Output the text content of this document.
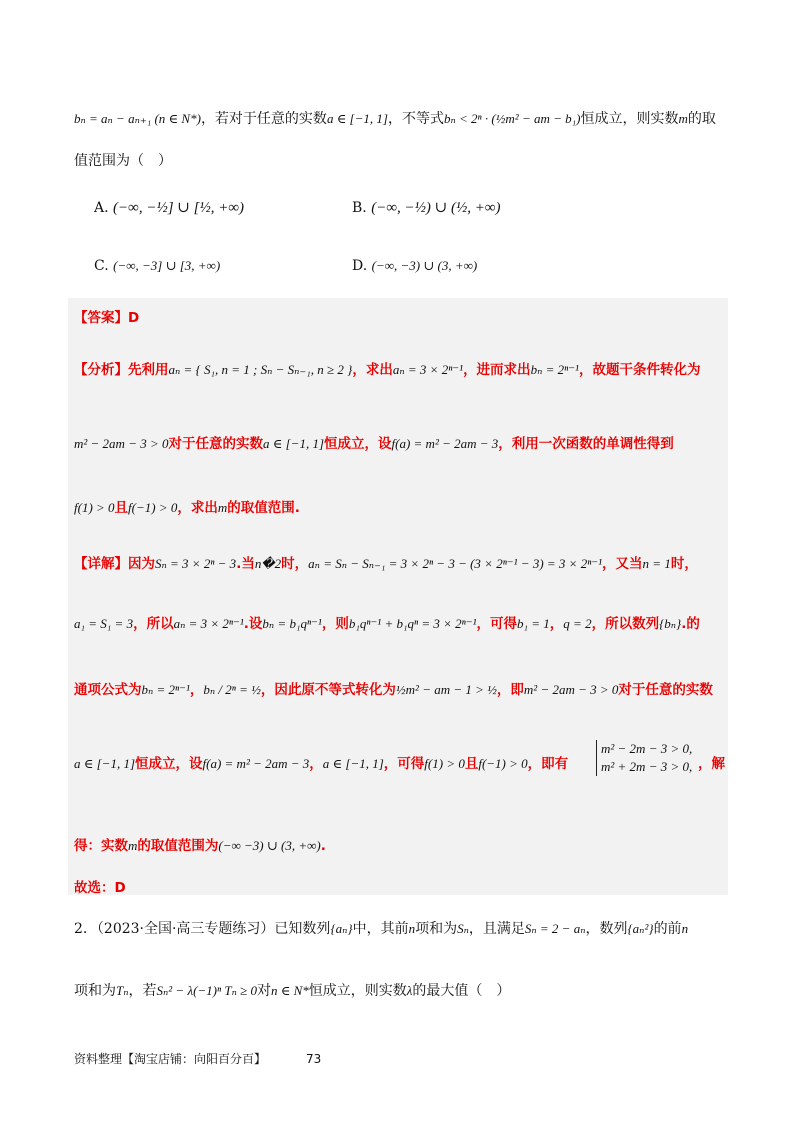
bₙ = aₙ − aₙ₊₁ (n ∈ N*)，若对于任意的实数a ∈ [−1, 1]，不等式bₙ < 2ⁿ · (½m² − am − b₁)恒成立，则实数m的取
值范围为（　）
A. (−∞, −½] ∪ [½, +∞)	B. (−∞, −½) ∪ (½, +∞)
C. (−∞, −3] ∪ [3, +∞)	D. (−∞, −3) ∪ (3, +∞)
【答案】D
【分析】先利用aₙ = { S₁, n = 1 ; Sₙ − Sₙ₋₁, n ≥ 2 }，求出aₙ = 3 × 2ⁿ⁻¹，进而求出bₙ = 2ⁿ⁻¹，故题干条件转化为
m² − 2am − 3 > 0对于任意的实数a ∈ [−1, 1]恒成立，设f(a) = m² − 2am − 3，利用一次函数的单调性得到
f(1) > 0且f(−1) > 0，求出m的取值范围.
【详解】因为Sₙ = 3 × 2ⁿ − 3.当n�2时，aₙ = Sₙ − Sₙ₋₁ = 3 × 2ⁿ − 3 − (3 × 2ⁿ⁻¹ − 3) = 3 × 2ⁿ⁻¹，又当n = 1时，
a₁ = S₁ = 3，所以aₙ = 3 × 2ⁿ⁻¹.设bₙ = b₁qⁿ⁻¹，则b₁qⁿ⁻¹ + b₁qⁿ = 3 × 2ⁿ⁻¹，可得b₁ = 1，q = 2，所以数列{bₙ}.的
通项公式为bₙ = 2ⁿ⁻¹，bₙ / 2ⁿ = ½，因此原不等式转化为½m² − am − 1 > ½，即m² − 2am − 3 > 0对于任意的实数
a ∈ [−1, 1]恒成立，设f(a) = m² − 2am − 3，a ∈ [−1, 1]，可得f(1) > 0且f(−1) > 0，即有
m² − 2m − 3 > 0,
m² + 2m − 3 > 0, ，解
得：实数m的取值范围为(−∞ −3) ∪ (3, +∞).
故选：D
2．（2023·全国·高三专题练习）已知数列{aₙ}中，其前n项和为Sₙ，且满足Sₙ = 2 − aₙ，数列{aₙ²}的前n
项和为Tₙ，若Sₙ² − λ(−1)ⁿ Tₙ ≥ 0对n ∈ N*恒成立，则实数λ的最大值（　）
资料整理【淘宝店铺：向阳百分百】	73
